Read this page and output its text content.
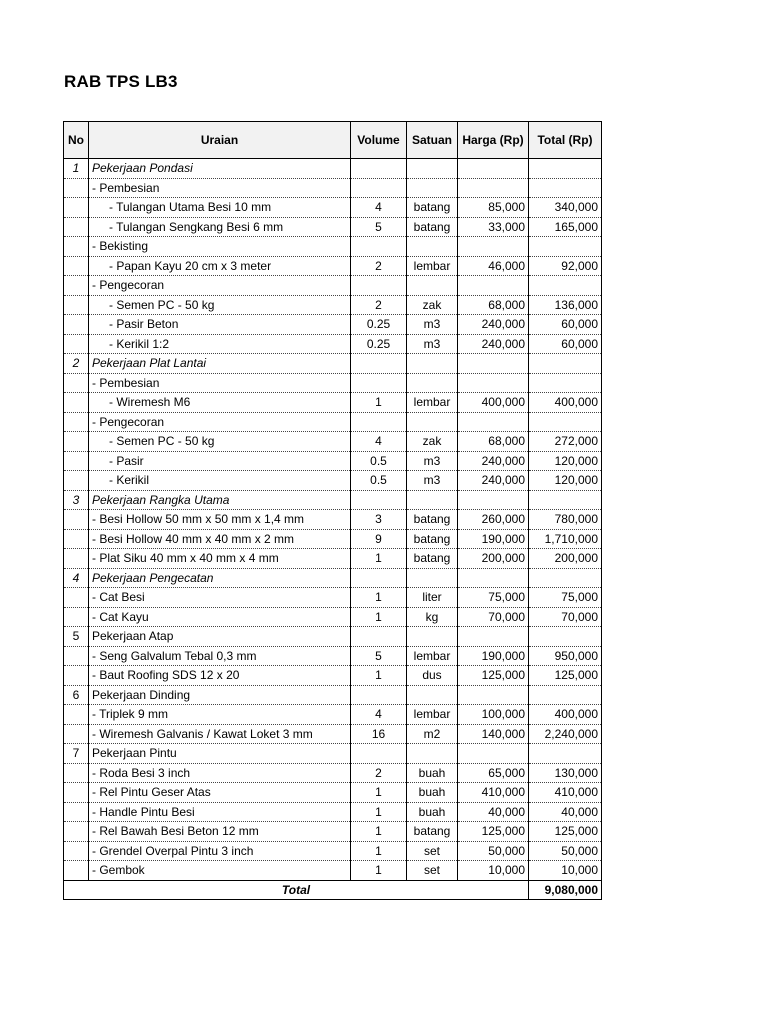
RAB TPS LB3
No	Uraian	Volume	Satuan	Harga (Rp)	Total (Rp)
1	Pekerjaan Pondasi				
	- Pembesian				
	- Tulangan Utama Besi 10 mm	4	batang	85,000	340,000
	- Tulangan Sengkang Besi 6 mm	5	batang	33,000	165,000
	- Bekisting				
	- Papan Kayu 20 cm x 3 meter	2	lembar	46,000	92,000
	- Pengecoran				
	- Semen PC - 50 kg	2	zak	68,000	136,000
	- Pasir Beton	0.25	m3	240,000	60,000
	- Kerikil 1:2	0.25	m3	240,000	60,000
2	Pekerjaan Plat Lantai				
	- Pembesian				
	- Wiremesh M6	1	lembar	400,000	400,000
	- Pengecoran				
	- Semen PC - 50 kg	4	zak	68,000	272,000
	- Pasir	0.5	m3	240,000	120,000
	- Kerikil	0.5	m3	240,000	120,000
3	Pekerjaan Rangka Utama				
	- Besi Hollow 50 mm x 50 mm x 1,4 mm	3	batang	260,000	780,000
	- Besi Hollow 40 mm x 40 mm x 2 mm	9	batang	190,000	1,710,000
	- Plat Siku 40 mm x 40 mm x 4 mm	1	batang	200,000	200,000
4	Pekerjaan Pengecatan				
	- Cat Besi	1	liter	75,000	75,000
	- Cat Kayu	1	kg	70,000	70,000
5	Pekerjaan Atap				
	- Seng Galvalum Tebal 0,3 mm	5	lembar	190,000	950,000
	- Baut Roofing SDS 12 x 20	1	dus	125,000	125,000
6	Pekerjaan Dinding				
	- Triplek 9 mm	4	lembar	100,000	400,000
	- Wiremesh Galvanis / Kawat Loket 3 mm	16	m2	140,000	2,240,000
7	Pekerjaan Pintu				
	- Roda Besi 3 inch	2	buah	65,000	130,000
	- Rel Pintu Geser Atas	1	buah	410,000	410,000
	- Handle Pintu Besi	1	buah	40,000	40,000
	- Rel Bawah Besi Beton 12 mm	1	batang	125,000	125,000
	- Grendel Overpal Pintu 3 inch	1	set	50,000	50,000
	- Gembok	1	set	10,000	10,000
Total					9,080,000
